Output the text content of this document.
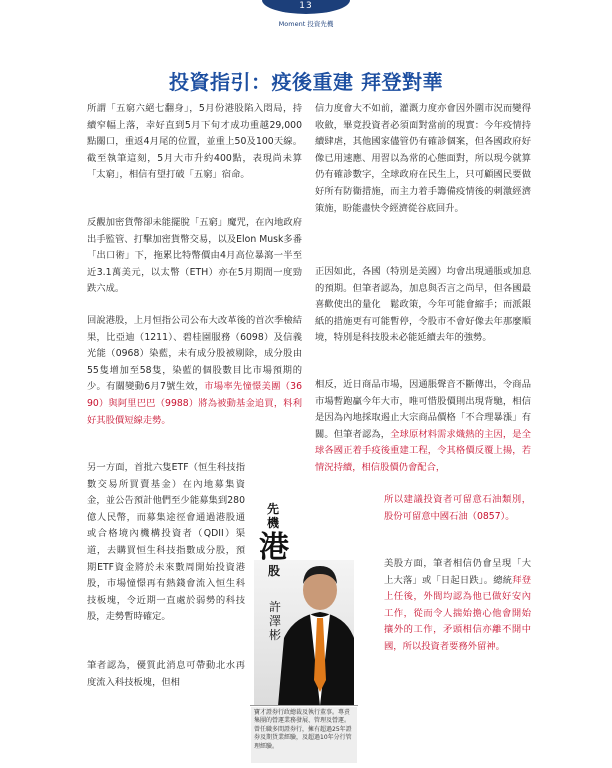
13
Moment 投資先機
投資指引：疫後重建 拜登對華

所謂「五窮六絕七翻身」，5月份港股陷入悶局，持續窄幅上落，幸好直到5月下旬才成功重越29,000點關口，重返4月尾的位置，並重上50及100天線。截至執筆這刻，5月大市升約400點，表現尚未算「太窮」，相信有望打破「五窮」宿命。

反觀加密貨幣卻未能擺脫「五窮」魔咒，在內地政府出手監管、打擊加密貨幣交易，以及Elon Musk多番「出口術」下，拖累比特幣價由4月高位暴瀉一半至近3.1萬美元，以太幣（ETH）亦在5月期間一度勁跌六成。

回說港股，上月恒指公司公布大改革後的首次季檢結果，比亞迪（1211）、碧桂園服務（6098）及信義光能（0968）染藍，未有成分股被剔除，成分股由55隻增加至58隻，染藍的個股數目比市場預期的少。有關變動6月7號生效，市場率先憧憬美團（3690）與阿里巴巴（9988）將為被動基金追買，料利好其股價短線走勢。

另一方面，首批六隻ETF（恒生科技指數交易所買賣基金）在內地募集資金，並公告預計他們至少能募集到280億人民幣，而募集途徑會通過港股通或合格境內機構投資者（QDII）渠道，去購買恒生科技指數成分股，預期ETF資金將於未來數周開始投資港股，市場憧憬再有熱錢會流入恒生科技板塊，令近期一直處於弱勢的科技股，走勢暫時確定。

筆者認為，優質此消息可帶動北水再度流入科技板塊，但相

先機
港
股
許澤彬
寶才證券行政總裁及執行董事。專責集團的營運業務發展、管理及營運。曾任職多間證券行，擁有超過25年證券及期貨業經驗，及超過10年分行管理經驗。

信力度會大不如前，灌溉力度亦會因外圍市況而變得收斂，畢竟投資者必須面對當前的現實：今年疫情持續肆虐，其他國家儘管仍有確診個案，但各國政府好像已用速應、用習以為常的心態面對，所以現今就算仍有確診數字，全球政府在民生上，只可顧國民要做好所有防衞措施，而主力着手籌備疫情後的刺激經濟策施，盼能盡快令經濟從谷底回升。

正因如此，各國（特別是美國）均會出現通脹或加息的預期。但筆者認為，加息與否言之尚早，但各國最喜歡使出的量化　鬆政策，今年可能會縮手；而派銀紙的措施更有可能暫停，令股市不會好像去年那麼順境，特別是科技股未必能延續去年的強勢。

相反，近日商品市場，因通脹聲音不斷傳出，令商品市場暫跑贏今年大市，唯可惜股價則出現背馳，相信是因為內地採取遏止大宗商品價格「不合理暴漲」有關。但筆者認為，全球原材料需求熾熱的主因，是全球各國正着手疫後重建工程，令其格價反覆上揚，若情況持續，相信股價仍會配合，

所以建議投資者可留意石油類別，股份可留意中國石油（0857）。

美股方面，筆者相信仍會呈現「大上大落」或「日起日跌」。總統拜登上任後，外間均認為他已做好安內工作，從而令人揣始擔心他會開始攘外的工作，矛頭相信亦離不開中國，所以投資者要務外留神。
